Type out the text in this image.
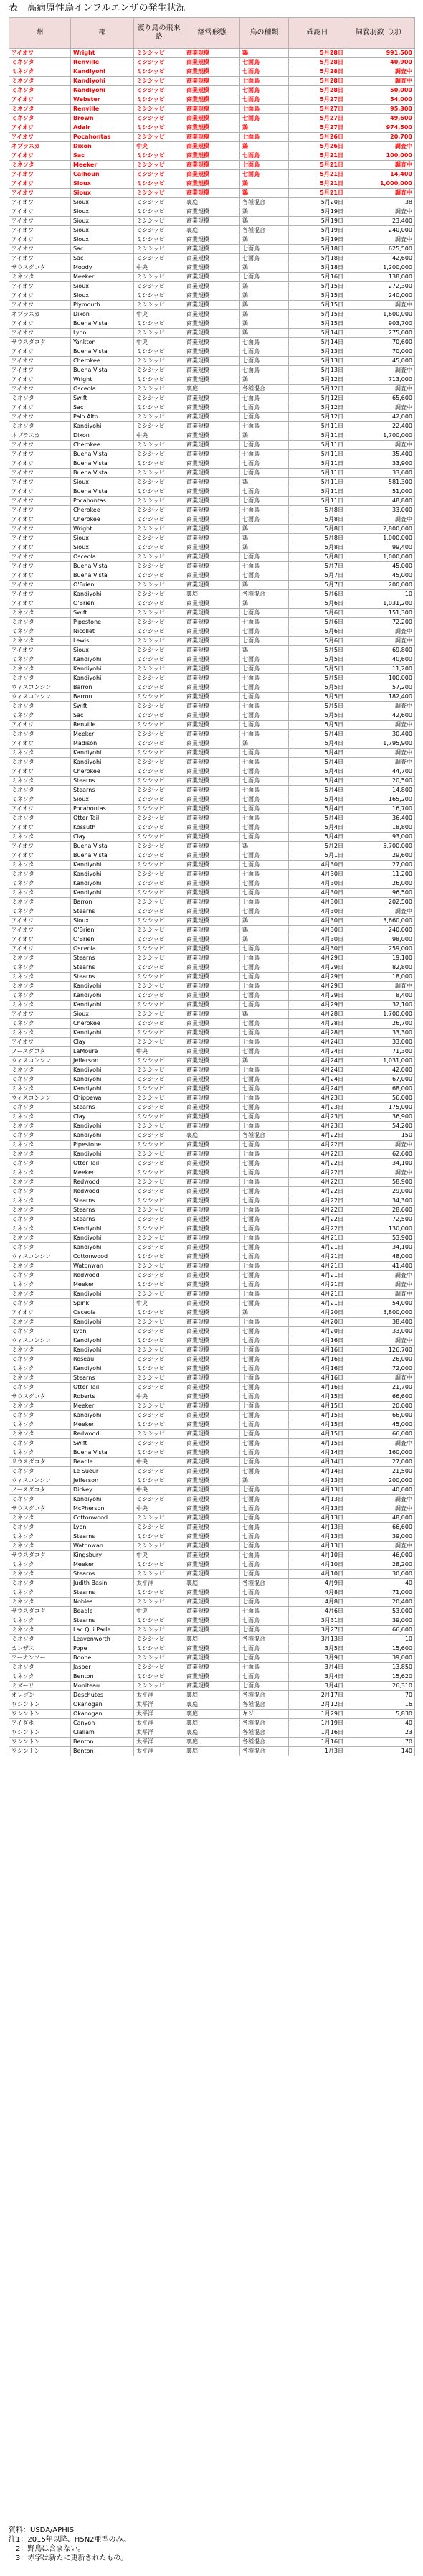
表　高病原性鳥インフルエンザの発生状況
州	郡	渡り鳥の飛来路	経営形態	鳥の種類	確認日	飼養羽数（羽）
アイオワ	Wright	ミシシッピ	商業規模	鶏	5月28日	991,500
ミネソタ	Renville	ミシシッピ	商業規模	七面鳥	5月28日	40,900
ミネソタ	Kandiyohi	ミシシッピ	商業規模	七面鳥	5月28日	調査中
ミネソタ	Kandiyohi	ミシシッピ	商業規模	七面鳥	5月28日	調査中
ミネソタ	Kandiyohi	ミシシッピ	商業規模	七面鳥	5月28日	50,000
アイオワ	Webster	ミシシッピ	商業規模	七面鳥	5月27日	54,000
ミネソタ	Renville	ミシシッピ	商業規模	七面鳥	5月27日	95,300
ミネソタ	Brown	ミシシッピ	商業規模	七面鳥	5月27日	49,600
アイオワ	Adair	ミシシッピ	商業規模	鶏	5月27日	974,500
アイオワ	Pocahontas	ミシシッピ	商業規模	七面鳥	5月26日	20,700
ネブラスカ	Dixon	中央	商業規模	鶏	5月26日	調査中
アイオワ	Sac	ミシシッピ	商業規模	七面鳥	5月21日	100,000
ミネソタ	Meeker	ミシシッピ	商業規模	七面鳥	5月21日	調査中
アイオワ	Calhoun	ミシシッピ	商業規模	七面鳥	5月21日	14,400
アイオワ	Sioux	ミシシッピ	商業規模	鶏	5月21日	1,000,000
アイオワ	Sioux	ミシシッピ	商業規模	鶏	5月21日	調査中
アイオワ	Sioux	ミシシッピ	裏庭	各種混合	5月20日	38
アイオワ	Sioux	ミシシッピ	商業規模	鶏	5月19日	調査中
アイオワ	Sioux	ミシシッピ	商業規模	鶏	5月19日	23,400
アイオワ	Sioux	ミシシッピ	裏庭	各種混合	5月19日	240,000
アイオワ	Sioux	ミシシッピ	商業規模	鶏	5月19日	調査中
アイオワ	Sac	ミシシッピ	商業規模	七面鳥	5月18日	625,500
アイオワ	Sac	ミシシッピ	商業規模	七面鳥	5月18日	42,600
サウスダコタ	Moody	中央	商業規模	鶏	5月18日	1,200,000
ミネソタ	Meeker	ミシシッピ	商業規模	七面鳥	5月16日	138,000
アイオワ	Sioux	ミシシッピ	商業規模	鶏	5月15日	272,300
アイオワ	Sioux	ミシシッピ	商業規模	鶏	5月15日	240,000
アイオワ	Plymouth	ミシシッピ	商業規模	鶏	5月15日	調査中
ネブラスカ	Dixon	中央	商業規模	鶏	5月15日	1,600,000
アイオワ	Buena Vista	ミシシッピ	商業規模	鶏	5月15日	903,700
アイオワ	Lyon	ミシシッピ	商業規模	鶏	5月14日	275,000
サウスダコタ	Yankton	中央	商業規模	七面鳥	5月14日	70,600
アイオワ	Buena Vista	ミシシッピ	商業規模	七面鳥	5月13日	70,000
アイオワ	Cherokee	ミシシッピ	商業規模	七面鳥	5月13日	45,000
アイオワ	Buena Vista	ミシシッピ	商業規模	七面鳥	5月13日	調査中
アイオワ	Wright	ミシシッピ	商業規模	鶏	5月12日	713,000
アイオワ	Osceola	ミシシッピ	裏庭	各種混合	5月12日	調査中
ミネソタ	Swift	ミシシッピ	商業規模	七面鳥	5月12日	65,600
アイオワ	Sac	ミシシッピ	商業規模	七面鳥	5月12日	調査中
アイオワ	Palo Alto	ミシシッピ	商業規模	七面鳥	5月12日	42,000
ミネソタ	Kandiyohi	ミシシッピ	商業規模	七面鳥	5月11日	22,400
ネブラスカ	Dixon	中央	商業規模	鶏	5月11日	1,700,000
アイオワ	Cherokee	ミシシッピ	商業規模	七面鳥	5月11日	調査中
アイオワ	Buena Vista	ミシシッピ	商業規模	七面鳥	5月11日	35,400
アイオワ	Buena Vista	ミシシッピ	商業規模	七面鳥	5月11日	33,900
アイオワ	Buena Vista	ミシシッピ	商業規模	七面鳥	5月11日	33,600
アイオワ	Sioux	ミシシッピ	商業規模	鶏	5月11日	581,300
アイオワ	Buena Vista	ミシシッピ	商業規模	七面鳥	5月11日	51,000
アイオワ	Pocahontas	ミシシッピ	商業規模	七面鳥	5月11日	48,800
アイオワ	Cherokee	ミシシッピ	商業規模	七面鳥	5月8日	33,000
アイオワ	Cherokee	ミシシッピ	商業規模	七面鳥	5月8日	調査中
アイオワ	Wright	ミシシッピ	商業規模	鶏	5月8日	2,800,000
アイオワ	Sioux	ミシシッピ	商業規模	鶏	5月8日	1,000,000
アイオワ	Sioux	ミシシッピ	商業規模	鶏	5月8日	99,400
アイオワ	Osceola	ミシシッピ	商業規模	七面鳥	5月8日	1,000,000
アイオワ	Buena Vista	ミシシッピ	商業規模	七面鳥	5月7日	45,000
アイオワ	Buena Vista	ミシシッピ	商業規模	七面鳥	5月7日	45,000
アイオワ	O'Brien	ミシシッピ	商業規模	鶏	5月7日	200,000
アイオワ	Kandiyohi	ミシシッピ	裏庭	各種混合	5月6日	10
アイオワ	O'Brien	ミシシッピ	商業規模	鶏	5月6日	1,031,200
ミネソタ	Swift	ミシシッピ	商業規模	七面鳥	5月6日	151,300
ミネソタ	Pipestone	ミシシッピ	商業規模	七面鳥	5月6日	72,200
ミネソタ	Nicollet	ミシシッピ	商業規模	七面鳥	5月6日	調査中
ミネソタ	Lewis	ミシシッピ	商業規模	七面鳥	5月6日	調査中
アイオワ	Sioux	ミシシッピ	商業規模	鶏	5月5日	69,800
ミネソタ	Kandiyohi	ミシシッピ	商業規模	七面鳥	5月5日	40,600
ミネソタ	Kandiyohi	ミシシッピ	商業規模	七面鳥	5月5日	11,200
ミネソタ	Kandiyohi	ミシシッピ	商業規模	七面鳥	5月5日	100,000
ウィスコンシン	Barron	ミシシッピ	商業規模	七面鳥	5月5日	57,200
ウィスコンシン	Barron	ミシシッピ	商業規模	七面鳥	5月5日	182,400
ミネソタ	Swift	ミシシッピ	商業規模	七面鳥	5月5日	調査中
ミネソタ	Sac	ミシシッピ	商業規模	七面鳥	5月5日	42,600
アイオワ	Renville	ミシシッピ	商業規模	七面鳥	5月5日	調査中
ミネソタ	Meeker	ミシシッピ	商業規模	七面鳥	5月4日	30,400
アイオワ	Madison	ミシシッピ	商業規模	鶏	5月4日	1,795,900
ミネソタ	Kandiyohi	ミシシッピ	商業規模	七面鳥	5月4日	調査中
ミネソタ	Kandiyohi	ミシシッピ	商業規模	七面鳥	5月4日	調査中
アイオワ	Cherokee	ミシシッピ	商業規模	七面鳥	5月4日	44,700
ミネソタ	Stearns	ミシシッピ	商業規模	七面鳥	5月4日	20,500
ミネソタ	Stearns	ミシシッピ	商業規模	七面鳥	5月4日	14,800
ミネソタ	Sioux	ミシシッピ	商業規模	七面鳥	5月4日	165,200
アイオワ	Pocahontas	ミシシッピ	商業規模	七面鳥	5月4日	16,700
ミネソタ	Otter Tail	ミシシッピ	商業規模	七面鳥	5月4日	36,400
アイオワ	Kossuth	ミシシッピ	商業規模	七面鳥	5月4日	18,800
ミネソタ	Clay	ミシシッピ	商業規模	七面鳥	5月4日	93,000
アイオワ	Buena Vista	ミシシッピ	商業規模	鶏	5月2日	5,700,000
アイオワ	Buena Vista	ミシシッピ	商業規模	七面鳥	5月1日	29,600
ミネソタ	Kandiyohi	ミシシッピ	商業規模	七面鳥	4月30日	27,000
ミネソタ	Kandiyohi	ミシシッピ	商業規模	七面鳥	4月30日	11,200
ミネソタ	Kandiyohi	ミシシッピ	商業規模	七面鳥	4月30日	26,000
ミネソタ	Kandiyohi	ミシシッピ	商業規模	七面鳥	4月30日	96,500
ミネソタ	Barron	ミシシッピ	商業規模	七面鳥	4月30日	202,500
ミネソタ	Stearns	ミシシッピ	商業規模	七面鳥	4月30日	調査中
アイオワ	Sioux	ミシシッピ	商業規模	鶏	4月30日	3,660,000
アイオワ	O'Brien	ミシシッピ	商業規模	鶏	4月30日	240,000
アイオワ	O'Brien	ミシシッピ	商業規模	鶏	4月30日	98,000
アイオワ	Osceola	ミシシッピ	商業規模	七面鳥	4月30日	259,000
ミネソタ	Stearns	ミシシッピ	商業規模	七面鳥	4月29日	19,100
ミネソタ	Stearns	ミシシッピ	商業規模	七面鳥	4月29日	82,800
ミネソタ	Stearns	ミシシッピ	商業規模	七面鳥	4月29日	18,000
ミネソタ	Kandiyohi	ミシシッピ	商業規模	七面鳥	4月29日	調査中
ミネソタ	Kandiyohi	ミシシッピ	商業規模	七面鳥	4月29日	8,400
ミネソタ	Kandiyohi	ミシシッピ	商業規模	七面鳥	4月29日	32,100
アイオワ	Sioux	ミシシッピ	商業規模	鶏	4月28日	1,700,000
ミネソタ	Cherokee	ミシシッピ	商業規模	七面鳥	4月28日	26,700
ミネソタ	Kandiyohi	ミシシッピ	商業規模	七面鳥	4月28日	33,300
アイオワ	Clay	ミシシッピ	商業規模	七面鳥	4月24日	33,000
ノースダコタ	LaMoure	中央	商業規模	七面鳥	4月24日	71,300
ウィスコンシン	Jefferson	ミシシッピ	商業規模	鶏	4月24日	1,031,000
ミネソタ	Kandiyohi	ミシシッピ	商業規模	七面鳥	4月24日	42,000
ミネソタ	Kandiyohi	ミシシッピ	商業規模	七面鳥	4月24日	67,000
ミネソタ	Kandiyohi	ミシシッピ	商業規模	七面鳥	4月24日	68,000
ウィスコンシン	Chippewa	ミシシッピ	商業規模	七面鳥	4月23日	56,000
ミネソタ	Stearns	ミシシッピ	商業規模	七面鳥	4月23日	175,000
ミネソタ	Clay	ミシシッピ	商業規模	七面鳥	4月23日	36,900
ミネソタ	Kandiyohi	ミシシッピ	商業規模	七面鳥	4月23日	54,200
ミネソタ	Kandiyohi	ミシシッピ	裏庭	各種混合	4月22日	150
ミネソタ	Pipestone	ミシシッピ	商業規模	七面鳥	4月22日	調査中
ミネソタ	Kandiyohi	ミシシッピ	商業規模	七面鳥	4月22日	62,600
ミネソタ	Otter Tail	ミシシッピ	商業規模	七面鳥	4月22日	34,100
ミネソタ	Meeker	ミシシッピ	商業規模	七面鳥	4月22日	調査中
ミネソタ	Redwood	ミシシッピ	商業規模	七面鳥	4月22日	58,900
ミネソタ	Redwood	ミシシッピ	商業規模	七面鳥	4月22日	29,000
ミネソタ	Stearns	ミシシッピ	商業規模	七面鳥	4月22日	34,300
ミネソタ	Stearns	ミシシッピ	商業規模	七面鳥	4月22日	28,600
ミネソタ	Stearns	ミシシッピ	商業規模	七面鳥	4月22日	72,500
ミネソタ	Kandiyohi	ミシシッピ	商業規模	七面鳥	4月22日	130,000
ミネソタ	Kandiyohi	ミシシッピ	商業規模	七面鳥	4月21日	53,900
ミネソタ	Kandiyohi	ミシシッピ	商業規模	七面鳥	4月21日	34,100
ウィスコンシン	Cottonwood	ミシシッピ	商業規模	七面鳥	4月21日	48,000
ミネソタ	Watonwan	ミシシッピ	商業規模	七面鳥	4月21日	41,400
ミネソタ	Redwood	ミシシッピ	商業規模	七面鳥	4月21日	調査中
ミネソタ	Meeker	ミシシッピ	商業規模	七面鳥	4月21日	調査中
ミネソタ	Kandiyohi	ミシシッピ	商業規模	七面鳥	4月21日	調査中
ミネソタ	Spink	中央	商業規模	七面鳥	4月21日	54,000
アイオワ	Osceola	ミシシッピ	商業規模	鶏	4月20日	3,800,000
ミネソタ	Kandiyohi	ミシシッピ	商業規模	七面鳥	4月20日	38,400
ミネソタ	Lyon	ミシシッピ	商業規模	七面鳥	4月20日	33,000
ウィスコンシン	Kandiyohi	ミシシッピ	商業規模	七面鳥	4月16日	調査中
ミネソタ	Kandiyohi	ミシシッピ	商業規模	七面鳥	4月16日	126,700
ミネソタ	Roseau	ミシシッピ	商業規模	七面鳥	4月16日	26,000
ミネソタ	Kandiyohi	ミシシッピ	商業規模	七面鳥	4月16日	72,000
ミネソタ	Stearns	ミシシッピ	商業規模	七面鳥	4月16日	調査中
ミネソタ	Otter Tail	ミシシッピ	商業規模	七面鳥	4月16日	21,700
サウスダコタ	Roberts	中央	商業規模	七面鳥	4月15日	66,600
ミネソタ	Meeker	ミシシッピ	商業規模	七面鳥	4月15日	20,000
ミネソタ	Kandiyohi	ミシシッピ	商業規模	七面鳥	4月15日	66,000
ミネソタ	Meeker	ミシシッピ	商業規模	七面鳥	4月15日	45,000
ミネソタ	Redwood	ミシシッピ	商業規模	七面鳥	4月15日	66,000
ミネソタ	Swift	ミシシッピ	商業規模	七面鳥	4月15日	調査中
ミネソタ	Buena Vista	ミシシッピ	商業規模	七面鳥	4月14日	160,000
サウスダコタ	Beadle	中央	商業規模	七面鳥	4月14日	27,000
ミネソタ	Le Sueur	ミシシッピ	商業規模	七面鳥	4月14日	21,500
ウィスコンシン	Jefferson	ミシシッピ	商業規模	鶏	4月13日	200,000
ノースダコタ	Dickey	中央	商業規模	七面鳥	4月13日	40,000
ミネソタ	Kandiyohi	ミシシッピ	商業規模	七面鳥	4月13日	調査中
サウスダコタ	McPherson	中央	商業規模	七面鳥	4月13日	調査中
ミネソタ	Cottonwood	ミシシッピ	商業規模	七面鳥	4月13日	48,000
ミネソタ	Lyon	ミシシッピ	商業規模	七面鳥	4月13日	66,600
ミネソタ	Stearns	ミシシッピ	商業規模	七面鳥	4月13日	39,000
ミネソタ	Watonwan	ミシシッピ	商業規模	七面鳥	4月13日	調査中
サウスダコタ	Kingsbury	中央	商業規模	七面鳥	4月10日	46,000
ミネソタ	Meeker	ミシシッピ	商業規模	七面鳥	4月10日	28,200
ミネソタ	Stearns	ミシシッピ	商業規模	七面鳥	4月10日	30,000
ミネソタ	Judith Basin	太平洋	裏庭	各種混合	4月9日	40
ミネソタ	Stearns	ミシシッピ	商業規模	七面鳥	4月8日	71,000
ミネソタ	Nobles	ミシシッピ	商業規模	七面鳥	4月8日	20,400
サウスダコタ	Beadle	中央	商業規模	七面鳥	4月6日	53,000
ミネソタ	Stearns	ミシシッピ	商業規模	七面鳥	3月31日	39,000
ミネソタ	Lac Qui Parle	ミシシッピ	商業規模	七面鳥	3月27日	66,600
ミネソタ	Leavenworth	ミシシッピ	裏庭	各種混合	3月13日	10
カンザス	Pope	ミシシッピ	商業規模	七面鳥	3月5日	15,600
アーカンソー	Boone	ミシシッピ	商業規模	七面鳥	3月9日	39,000
ミネソタ	Jasper	ミシシッピ	商業規模	七面鳥	3月4日	13,850
ミネソタ	Benton	ミシシッピ	商業規模	七面鳥	3月4日	15,620
ミズーリ	Moniteau	ミシシッピ	商業規模	七面鳥	3月4日	26,310
オレゴン	Deschutes	太平洋	裏庭	各種混合	2月17日	70
ワシントン	Okanogan	太平洋	裏庭	各種混合	2月12日	16
ワシントン	Okanogan	太平洋	裏庭	キジ	1月29日	5,830
アイダホ	Canyon	太平洋	裏庭	各種混合	1月19日	40
ワシントン	Clallam	太平洋	裏庭	各種混合	1月16日	23
ワシントン	Benton	太平洋	裏庭	各種混合	1月16日	70
ワシントン	Benton	太平洋	裏庭	各種混合	1月3日	140
資料：USDA/APHIS
注1：2015年以降、H5N2亜型のみ。
　2：野鳥は含まない。
　3：赤字は新たに更新されたもの。
